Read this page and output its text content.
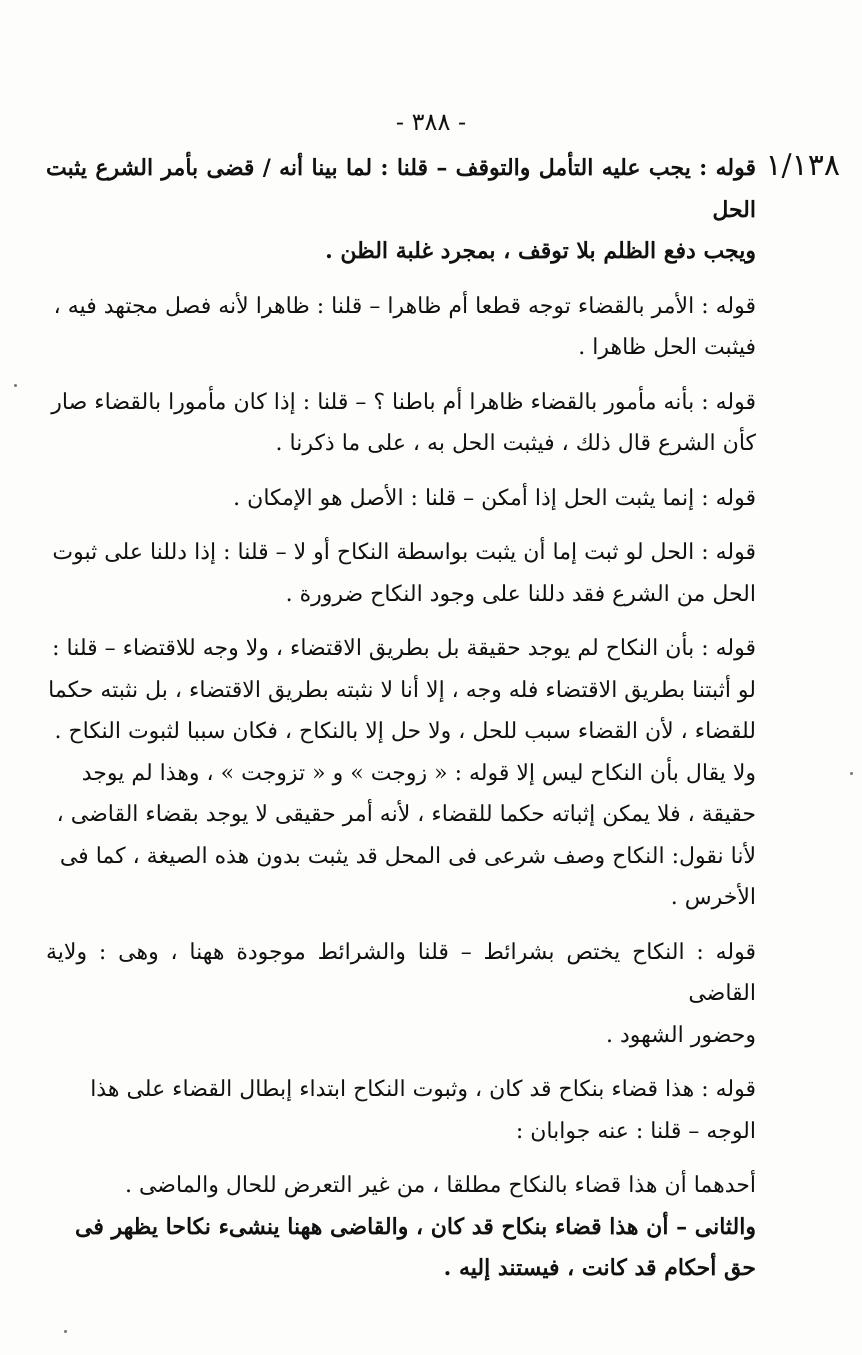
- ٣٨٨ -
١/١٣٨
قوله : يجب عليه التأمل والتوقف – قلنا : لما بينا أنه / قضى بأمر الشرع يثبت الحل
ويجب دفع الظلم بلا توقف ، بمجرد غلبة الظن .
قوله : الأمر بالقضاء توجه قطعا أم ظاهرا – قلنا : ظاهرا لأنه فصل مجتهد فيه ،
فيثبت الحل ظاهرا .
قوله : بأنه مأمور بالقضاء ظاهرا أم باطنا ؟ – قلنا : إذا كان مأمورا بالقضاء صار
كأن الشرع قال ذلك ، فيثبت الحل به ، على ما ذكرنا .
قوله : إنما يثبت الحل إذا أمكن – قلنا : الأصل هو الإمكان .
قوله : الحل لو ثبت إما أن يثبت بواسطة النكاح أو لا – قلنا : إذا دللنا على ثبوت
الحل من الشرع فقد دللنا على وجود النكاح ضرورة .
قوله : بأن النكاح لم يوجد حقيقة بل بطريق الاقتضاء ، ولا وجه للاقتضاء – قلنا :
لو أثبتنا بطريق الاقتضاء فله وجه ، إلا أنا لا نثبته بطريق الاقتضاء ، بل نثبته حكما
للقضاء ، لأن القضاء سبب للحل ، ولا حل إلا بالنكاح ، فكان سببا لثبوت النكاح .
ولا يقال بأن النكاح ليس إلا قوله : « زوجت » و « تزوجت » ، وهذا لم يوجد
حقيقة ، فلا يمكن إثباته حكما للقضاء ، لأنه أمر حقيقى لا يوجد بقضاء القاضى ،
لأنا نقول: النكاح وصف شرعى فى المحل قد يثبت بدون هذه الصيغة ، كما فى
الأخرس .
قوله : النكاح يختص بشرائط – قلنا والشرائط موجودة ههنا ، وهى : ولاية القاضى
وحضور الشهود .
قوله : هذا قضاء بنكاح قد كان ، وثبوت النكاح ابتداء إبطال القضاء على هذا
الوجه – قلنا : عنه جوابان :
أحدهما أن هذا قضاء بالنكاح مطلقا ، من غير التعرض للحال والماضى .
والثانى – أن هذا قضاء بنكاح قد كان ، والقاضى ههنا ينشىء نكاحا يظهر فى
حق أحكام قد كانت ، فيستند إليه .
